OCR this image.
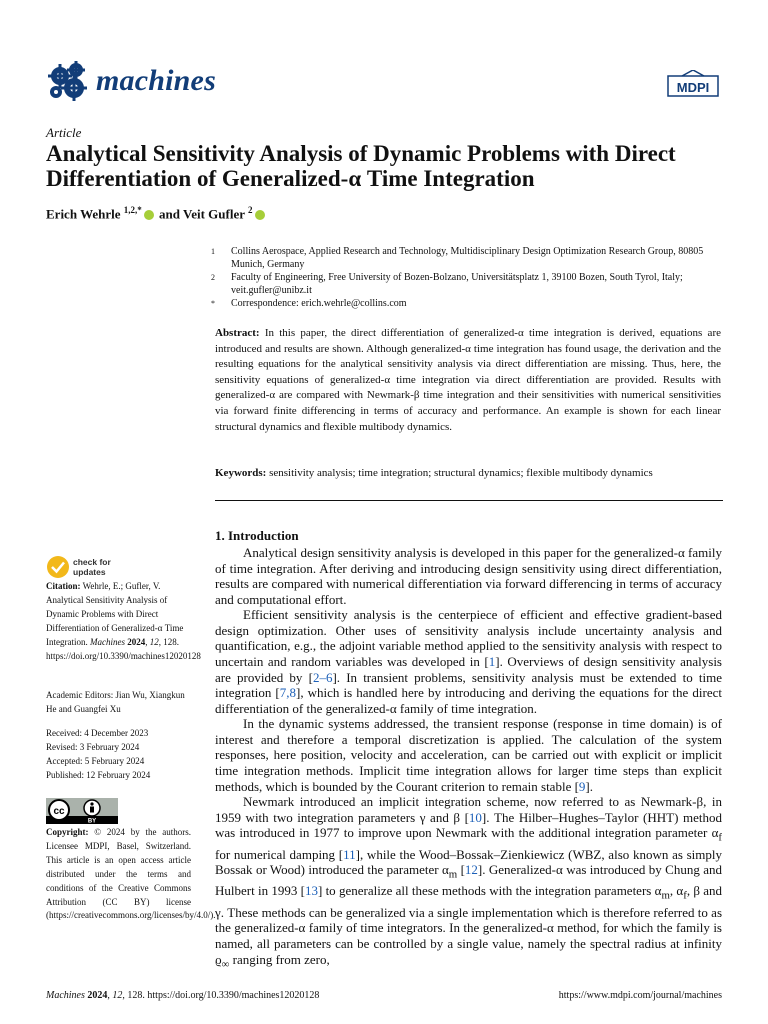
machines	MDPI
Article
Analytical Sensitivity Analysis of Dynamic Problems with Direct Differentiation of Generalized-α Time Integration
Erich Wehrle $^{1,2,*}$ and Veit Gufler $^2$
1 Collins Aerospace, Applied Research and Technology, Multidisciplinary Design Optimization Research Group, 80805 Munich, Germany
2 Faculty of Engineering, Free University of Bozen-Bolzano, Universitätsplatz 1, 39100 Bozen, South Tyrol, Italy; veit.gufler@unibz.it
* Correspondence: erich.wehrle@collins.com
Abstract: In this paper, the direct differentiation of generalized-α time integration is derived, equations are introduced and results are shown. Although generalized-α time integration has found usage, the derivation and the resulting equations for the analytical sensitivity analysis via direct differentiation are missing. Thus, here, the sensitivity equations of generalized-α time integration via direct differentiation are provided. Results with generalized-α are compared with Newmark-β time integration and their sensitivities with numerical sensitivities via forward finite differencing in terms of accuracy and performance. An example is shown for each linear structural dynamics and flexible multibody dynamics.
Keywords: sensitivity analysis; time integration; structural dynamics; flexible multibody dynamics
1. Introduction
Analytical design sensitivity analysis is developed in this paper for the generalized-α family of time integration. After deriving and introducing design sensitivity using direct differentiation, results are compared with numerical differentiation via forward differencing in terms of accuracy and computational effort.
Efficient sensitivity analysis is the centerpiece of efficient and effective gradient-based design optimization. Other uses of sensitivity analysis include uncertainty analysis and quantification, e.g., the adjoint variable method applied to the sensitivity analysis with respect to uncertain and random variables was developed in [1]. Overviews of design sensitivity analysis are provided by [2–6]. In transient problems, sensitivity analysis must be extended to time integration [7,8], which is handled here by introducing and deriving the equations for the direct differentiation of the generalized-α family of time integration.
In the dynamic systems addressed, the transient response (response in time domain) is of interest and therefore a temporal discretization is applied. The calculation of the system responses, here position, velocity and acceleration, can be carried out with explicit or implicit time integration methods. Implicit time integration allows for larger time steps than explicit methods, which is bounded by the Courant criterion to remain stable [9].
Newmark introduced an implicit integration scheme, now referred to as Newmark-β, in 1959 with two integration parameters γ and β [10]. The Hilber–Hughes–Taylor (HHT) method was introduced in 1977 to improve upon Newmark with the additional integration parameter $\alpha_f$ for numerical damping [11], while the Wood–Bossak–Zienkiewicz (WBZ, also known as simply Bossak or Wood) introduced the parameter $\alpha_m$ [12]. Generalized-α was introduced by Chung and Hulbert in 1993 [13] to generalize all these methods with the integration parameters $\alpha_m$, $\alpha_f$, β and γ. These methods can be generalized via a single implementation which is therefore referred to as the generalized-α family of time integrators. In the generalized-α method, for which the family is named, all parameters can be controlled by a single value, namely the spectral radius at infinity $ϱ_\infty$ ranging from zero,
check for
updates
Citation: Wehrle, E.; Gufler, V. Analytical Sensitivity Analysis of Dynamic Problems with Direct Differentiation of Generalized-α Time Integration. Machines 2024, 12, 128. https://doi.org/10.3390/machines12020128
Academic Editors: Jian Wu, Xiangkun He and Guangfei Xu
Received: 4 December 2023
Revised: 3 February 2024
Accepted: 5 February 2024
Published: 12 February 2024
cc
BY
Copyright: © 2024 by the authors. Licensee MDPI, Basel, Switzerland. This article is an open access article distributed under the terms and conditions of the Creative Commons Attribution (CC BY) license (https://creativecommons.org/licenses/by/4.0/).
Machines 2024, 12, 128. https://doi.org/10.3390/machines12020128	https://www.mdpi.com/journal/machines
